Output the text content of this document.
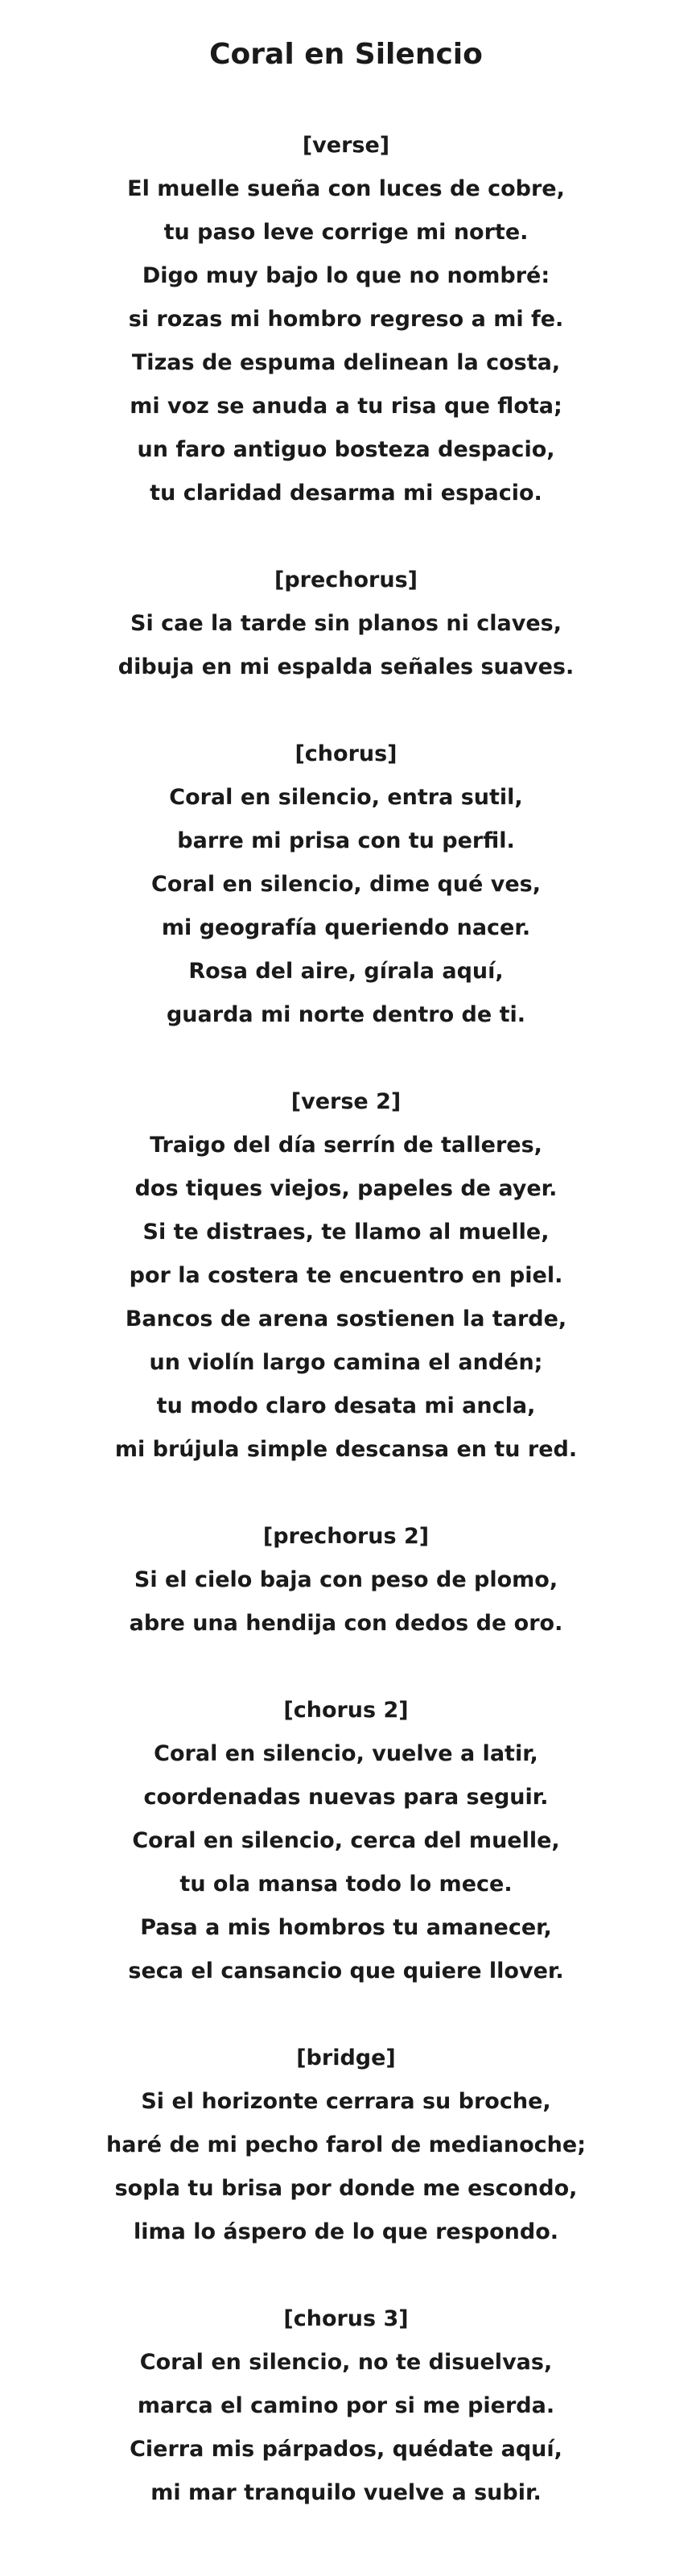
Coral en Silencio
[verse]
El muelle sueña con luces de cobre,
tu paso leve corrige mi norte.
Digo muy bajo lo que no nombré:
si rozas mi hombro regreso a mi fe.
Tizas de espuma delinean la costa,
mi voz se anuda a tu risa que flota;
un faro antiguo bosteza despacio,
tu claridad desarma mi espacio.
[prechorus]
Si cae la tarde sin planos ni claves,
dibuja en mi espalda señales suaves.
[chorus]
Coral en silencio, entra sutil,
barre mi prisa con tu perfil.
Coral en silencio, dime qué ves,
mi geografía queriendo nacer.
Rosa del aire, gírala aquí,
guarda mi norte dentro de ti.
[verse 2]
Traigo del día serrín de talleres,
dos tiques viejos, papeles de ayer.
Si te distraes, te llamo al muelle,
por la costera te encuentro en piel.
Bancos de arena sostienen la tarde,
un violín largo camina el andén;
tu modo claro desata mi ancla,
mi brújula simple descansa en tu red.
[prechorus 2]
Si el cielo baja con peso de plomo,
abre una hendija con dedos de oro.
[chorus 2]
Coral en silencio, vuelve a latir,
coordenadas nuevas para seguir.
Coral en silencio, cerca del muelle,
tu ola mansa todo lo mece.
Pasa a mis hombros tu amanecer,
seca el cansancio que quiere llover.
[bridge]
Si el horizonte cerrara su broche,
haré de mi pecho farol de medianoche;
sopla tu brisa por donde me escondo,
lima lo áspero de lo que respondo.
[chorus 3]
Coral en silencio, no te disuelvas,
marca el camino por si me pierda.
Cierra mis párpados, quédate aquí,
mi mar tranquilo vuelve a subir.
